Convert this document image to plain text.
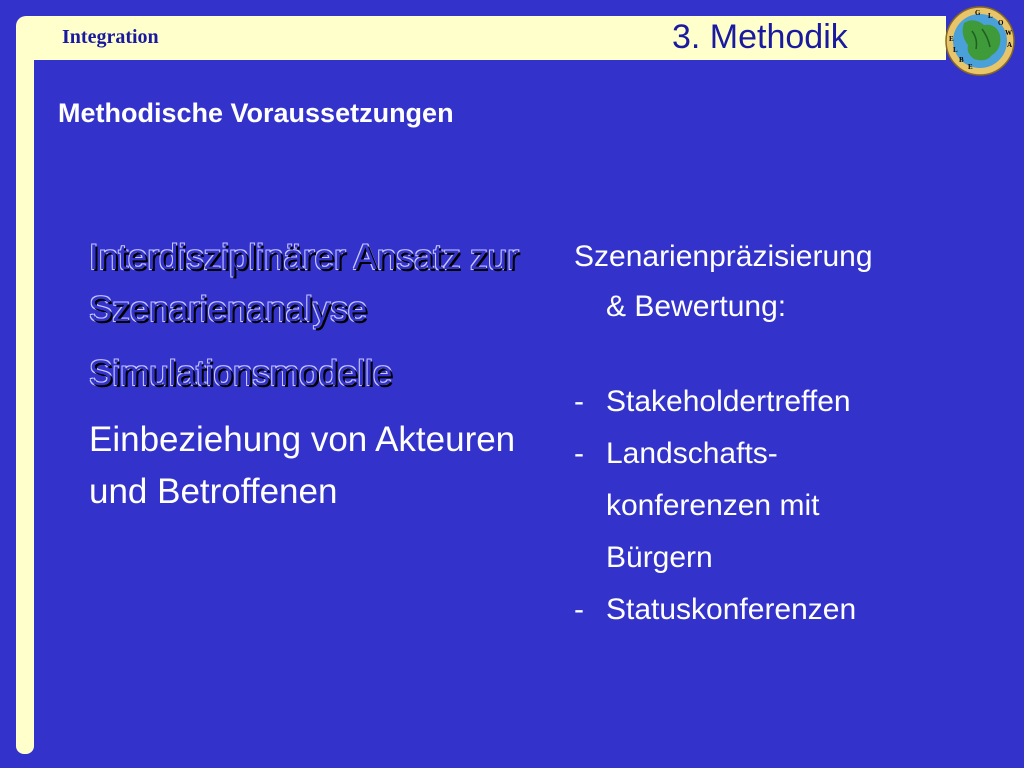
Integration	3. Methodik
G L
O
W
A
E
L
B
E
Methodische Voraussetzungen
Interdisziplinärer Ansatz zur Szenarienanalyse
Simulationsmodelle
Einbeziehung von Akteuren und Betroffenen
Szenarienpräzisierung
& Bewertung:
- Stakeholdertreffen
- Landschafts-konferenzen mit Bürgern
- Statuskonferenzen
